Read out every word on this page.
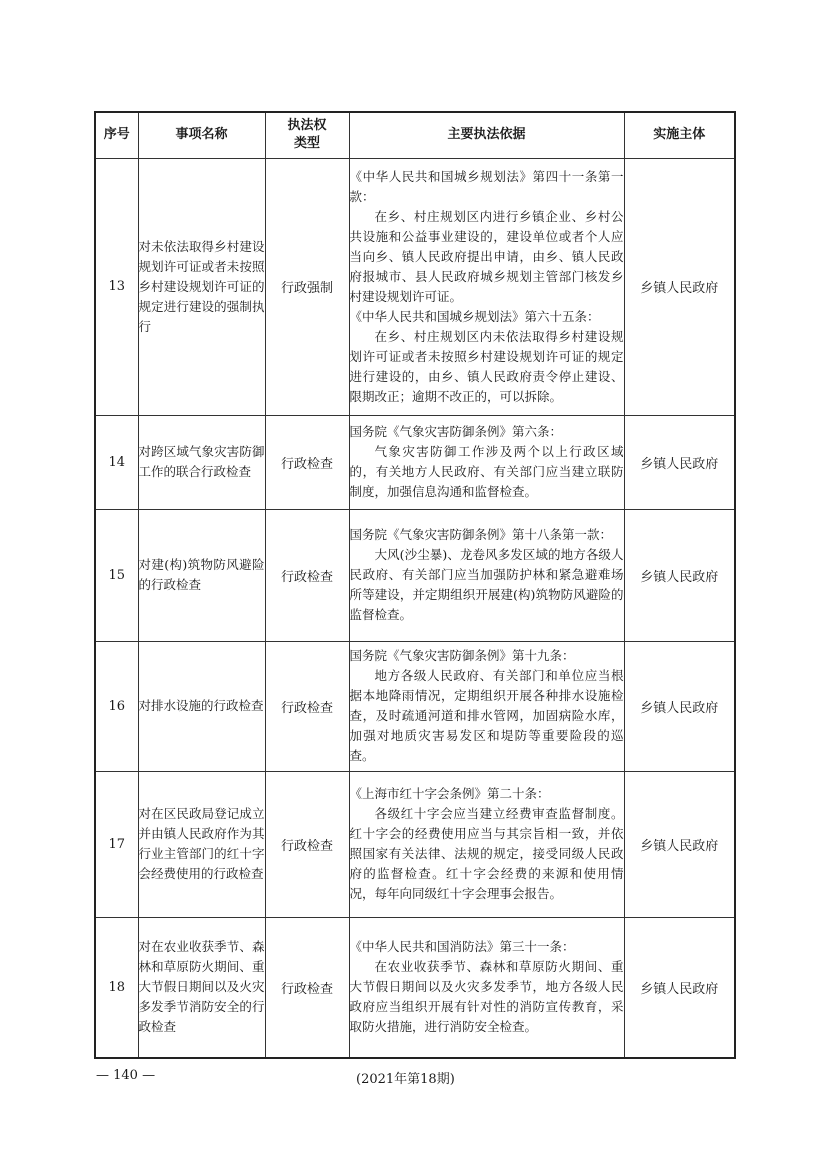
序号	事项名称	执法权类型	主要执法依据	实施主体
13	对未依法取得乡村建设规划许可证或者未按照乡村建设规划许可证的规定进行建设的强制执行	行政强制	《中华人民共和国城乡规划法》第四十一条第一款：
在乡、村庄规划区内进行乡镇企业、乡村公共设施和公益事业建设的，建设单位或者个人应当向乡、镇人民政府提出申请，由乡、镇人民政府报城市、县人民政府城乡规划主管部门核发乡村建设规划许可证。
《中华人民共和国城乡规划法》第六十五条：
在乡、村庄规划区内未依法取得乡村建设规划许可证或者未按照乡村建设规划许可证的规定进行建设的，由乡、镇人民政府责令停止建设、限期改正；逾期不改正的，可以拆除。	乡镇人民政府
14	对跨区域气象灾害防御工作的联合行政检查	行政检查	国务院《气象灾害防御条例》第六条：
气象灾害防御工作涉及两个以上行政区域的，有关地方人民政府、有关部门应当建立联防制度，加强信息沟通和监督检查。	乡镇人民政府
15	对建(构)筑物防风避险的行政检查	行政检查	国务院《气象灾害防御条例》第十八条第一款：
大风(沙尘暴)、龙卷风多发区域的地方各级人民政府、有关部门应当加强防护林和紧急避难场所等建设，并定期组织开展建(构)筑物防风避险的监督检查。	乡镇人民政府
16	对排水设施的行政检查	行政检查	国务院《气象灾害防御条例》第十九条：
地方各级人民政府、有关部门和单位应当根据本地降雨情况，定期组织开展各种排水设施检查，及时疏通河道和排水管网，加固病险水库，加强对地质灾害易发区和堤防等重要险段的巡查。	乡镇人民政府
17	对在区民政局登记成立并由镇人民政府作为其行业主管部门的红十字会经费使用的行政检查	行政检查	《上海市红十字会条例》第二十条：
各级红十字会应当建立经费审查监督制度。红十字会的经费使用应当与其宗旨相一致，并依照国家有关法律、法规的规定，接受同级人民政府的监督检查。红十字会经费的来源和使用情况，每年向同级红十字会理事会报告。	乡镇人民政府
18	对在农业收获季节、森林和草原防火期间、重大节假日期间以及火灾多发季节消防安全的行政检查	行政检查	《中华人民共和国消防法》第三十一条：
在农业收获季节、森林和草原防火期间、重大节假日期间以及火灾多发季节，地方各级人民政府应当组织开展有针对性的消防宣传教育，采取防火措施，进行消防安全检查。	乡镇人民政府
— 140 —	(2021年第18期)
